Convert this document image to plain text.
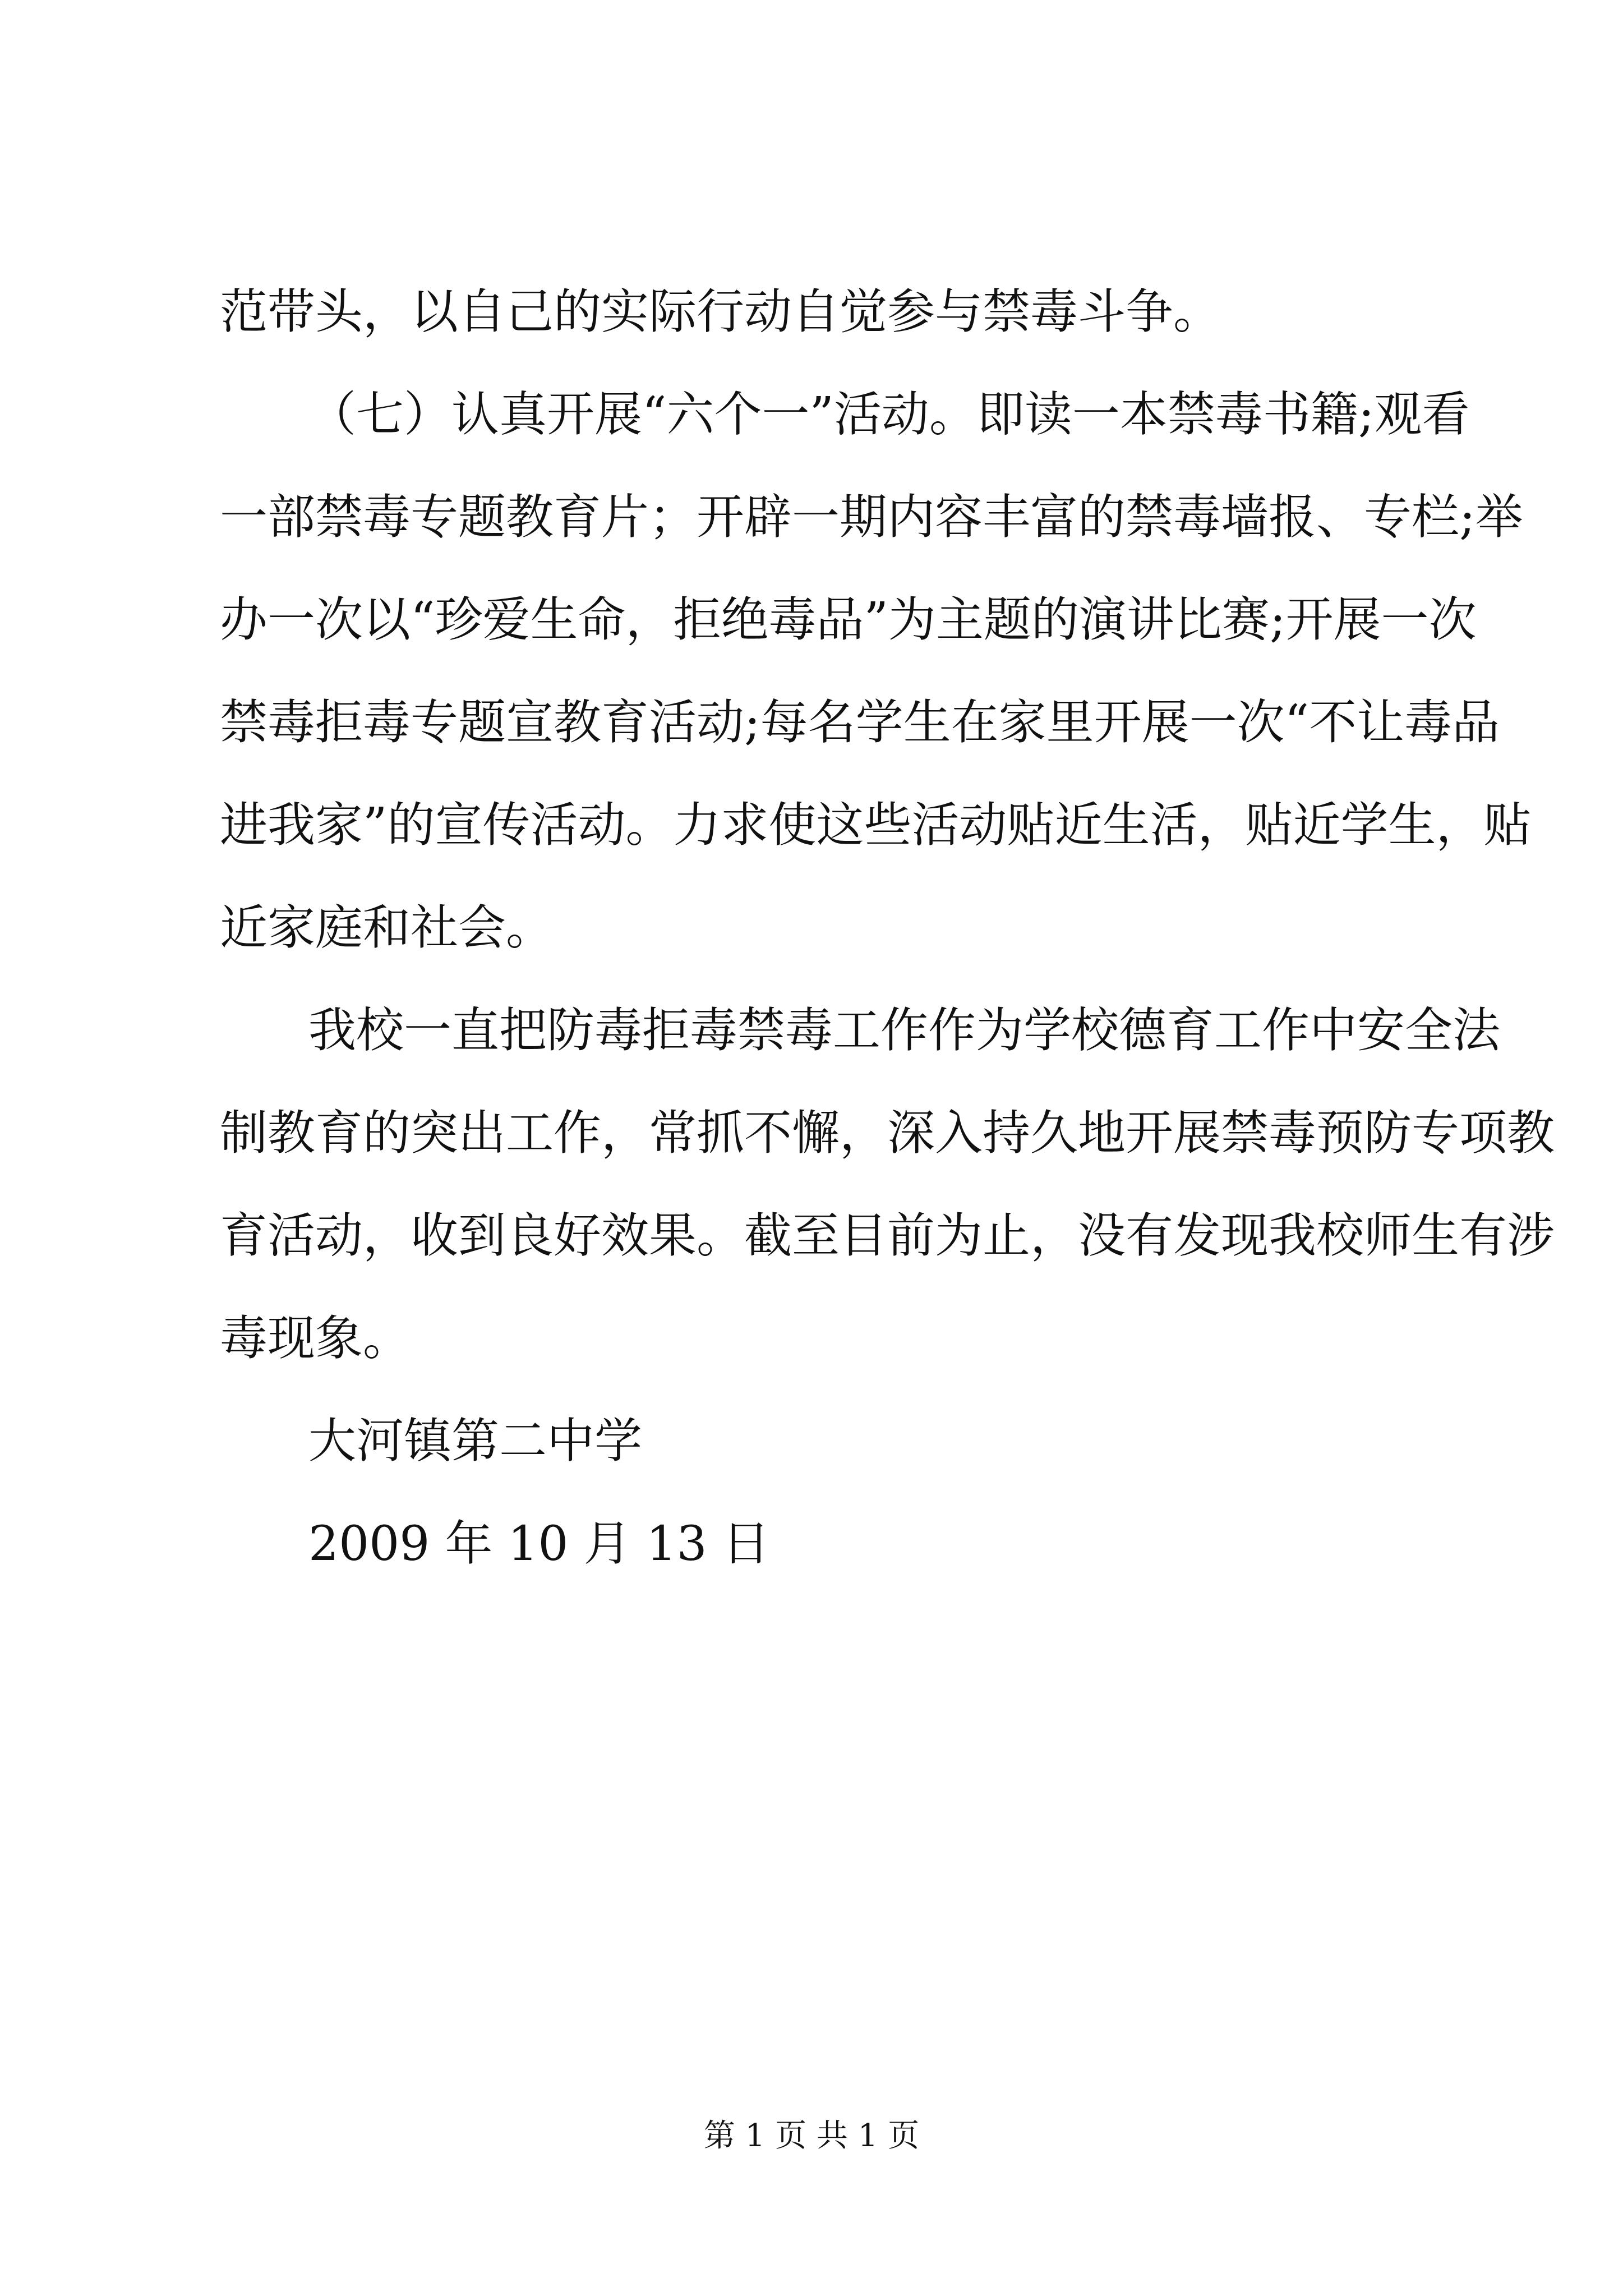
范带头，以自己的实际行动自觉参与禁毒斗争。
（七）认真开展“六个一”活动。即读一本禁毒书籍;观看
一部禁毒专题教育片；开辟一期内容丰富的禁毒墙报、专栏;举
办一次以“珍爱生命，拒绝毒品”为主题的演讲比赛;开展一次
禁毒拒毒专题宣教育活动;每名学生在家里开展一次“不让毒品
进我家”的宣传活动。力求使这些活动贴近生活，贴近学生，贴
近家庭和社会。
我校一直把防毒拒毒禁毒工作作为学校德育工作中安全法
制教育的突出工作，常抓不懈，深入持久地开展禁毒预防专项教
育活动，收到良好效果。截至目前为止，没有发现我校师生有涉
毒现象。
大河镇第二中学
2009 年 10 月 13 日
第 1 页 共 1 页
